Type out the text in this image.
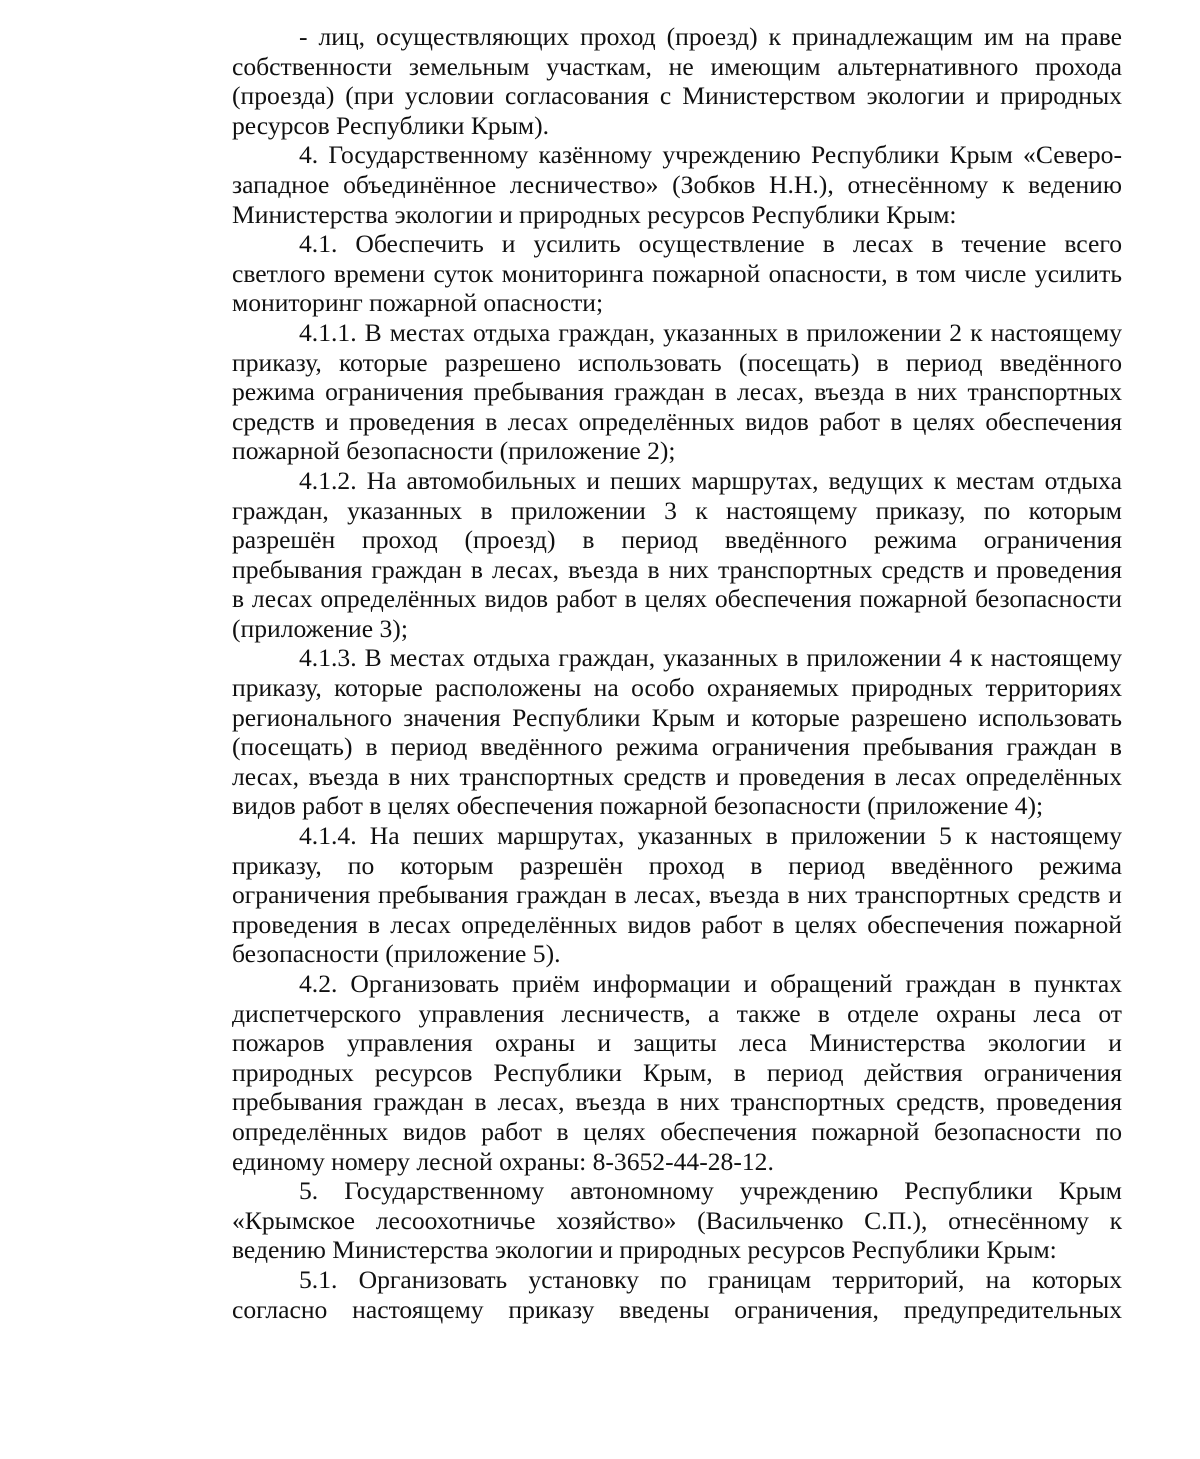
- лиц, осуществляющих проход (проезд) к принадлежащим им на праве
собственности земельным участкам, не имеющим альтернативного прохода
(проезда) (при условии согласования с Министерством экологии и природных
ресурсов Республики Крым).
4. Государственному казённому учреждению Республики Крым «Северо-
западное объединённое лесничество» (Зобков Н.Н.), отнесённому к ведению
Министерства экологии и природных ресурсов Республики Крым:
4.1. Обеспечить и усилить осуществление в лесах в течение всего
светлого времени суток мониторинга пожарной опасности, в том числе усилить
мониторинг пожарной опасности;
4.1.1. В местах отдыха граждан, указанных в приложении 2 к настоящему
приказу, которые разрешено использовать (посещать) в период введённого
режима ограничения пребывания граждан в лесах, въезда в них транспортных
средств и проведения в лесах определённых видов работ в целях обеспечения
пожарной безопасности (приложение 2);
4.1.2. На автомобильных и пеших маршрутах, ведущих к местам отдыха
граждан, указанных в приложении 3 к настоящему приказу, по которым
разрешён проход (проезд) в период введённого режима ограничения
пребывания граждан в лесах, въезда в них транспортных средств и проведения
в лесах определённых видов работ в целях обеспечения пожарной безопасности
(приложение 3);
4.1.3. В местах отдыха граждан, указанных в приложении 4 к настоящему
приказу, которые расположены на особо охраняемых природных территориях
регионального значения Республики Крым и которые разрешено использовать
(посещать) в период введённого режима ограничения пребывания граждан в
лесах, въезда в них транспортных средств и проведения в лесах определённых
видов работ в целях обеспечения пожарной безопасности (приложение 4);
4.1.4. На пеших маршрутах, указанных в приложении 5 к настоящему
приказу, по которым разрешён проход в период введённого режима
ограничения пребывания граждан в лесах, въезда в них транспортных средств и
проведения в лесах определённых видов работ в целях обеспечения пожарной
безопасности (приложение 5).
4.2. Организовать приём информации и обращений граждан в пунктах
диспетчерского управления лесничеств, а также в отделе охраны леса от
пожаров управления охраны и защиты леса Министерства экологии и
природных ресурсов Республики Крым, в период действия ограничения
пребывания граждан в лесах, въезда в них транспортных средств, проведения
определённых видов работ в целях обеспечения пожарной безопасности по
единому номеру лесной охраны: 8-3652-44-28-12.
5. Государственному автономному учреждению Республики Крым
«Крымское лесоохотничье хозяйство» (Васильченко С.П.), отнесённому к
ведению Министерства экологии и природных ресурсов Республики Крым:
5.1. Организовать установку по границам территорий, на которых
согласно настоящему приказу введены ограничения, предупредительных
